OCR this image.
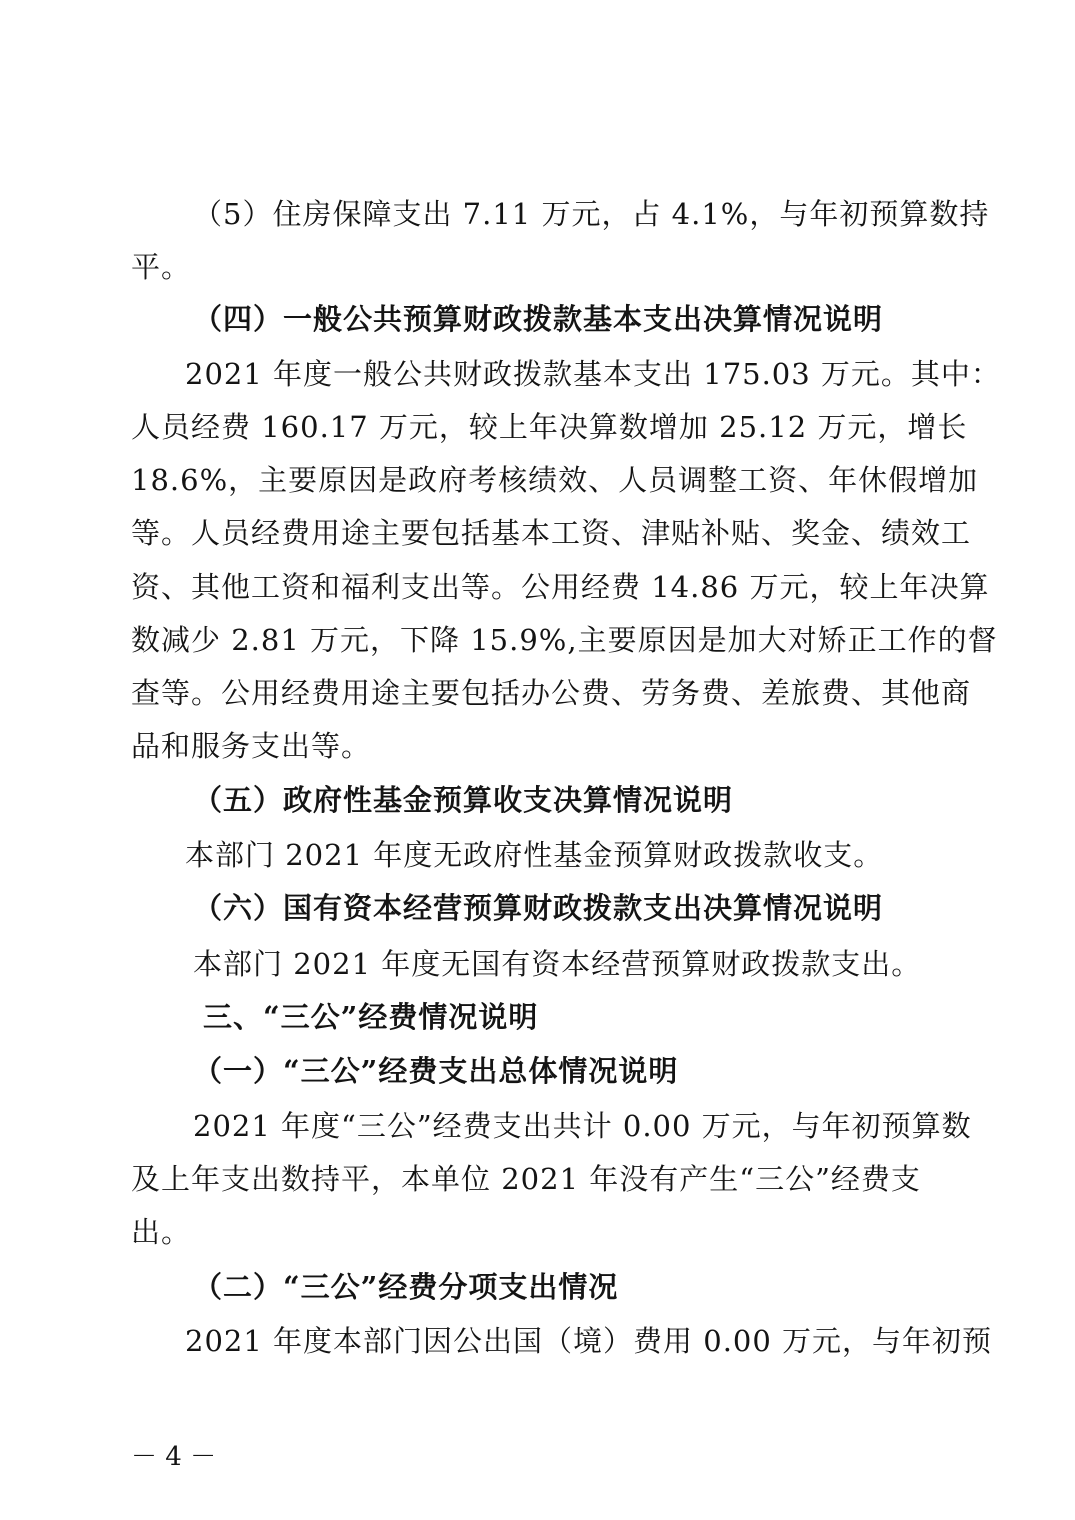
（5）住房保障支出 7.11 万元，占 4.1%，与年初预算数持

平。

（四）一般公共预算财政拨款基本支出决算情况说明

2021 年度一般公共财政拨款基本支出 175.03 万元。其中：

人员经费 160.17 万元，较上年决算数增加 25.12 万元，增长

18.6%，主要原因是政府考核绩效、人员调整工资、年休假增加

等。人员经费用途主要包括基本工资、津贴补贴、奖金、绩效工

资、其他工资和福利支出等。公用经费 14.86 万元，较上年决算

数减少 2.81 万元，下降 15.9%,主要原因是加大对矫正工作的督

查等。公用经费用途主要包括办公费、劳务费、差旅费、其他商

品和服务支出等。

（五）政府性基金预算收支决算情况说明

本部门 2021 年度无政府性基金预算财政拨款收支。

（六）国有资本经营预算财政拨款支出决算情况说明

本部门 2021 年度无国有资本经营预算财政拨款支出。

三、“三公”经费情况说明

（一）“三公”经费支出总体情况说明

2021 年度“三公”经费支出共计 0.00 万元，与年初预算数

及上年支出数持平，本单位 2021 年没有产生“三公”经费支

出。

（二）“三公”经费分项支出情况

2021 年度本部门因公出国（境）费用 0.00 万元，与年初预

－ 4 －
